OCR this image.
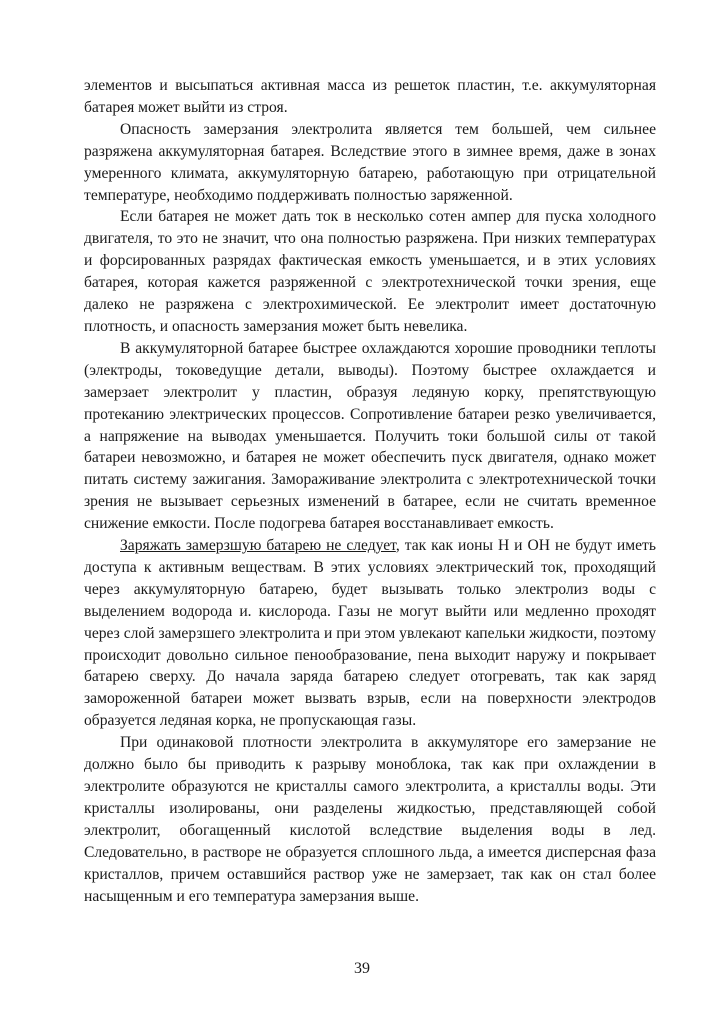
элементов и высыпаться активная масса из решеток пластин, т.е. аккумуляторная батарея может выйти из строя.

Опасность замерзания электролита является тем большей, чем сильнее разряжена аккумуляторная батарея. Вследствие этого в зимнее время, даже в зонах умеренного климата, аккумуляторную батарею, работающую при отрицательной температуре, необходимо поддерживать полностью заряженной.

Если батарея не может дать ток в несколько сотен ампер для пуска холодного двигателя, то это не значит, что она полностью разряжена. При низких температурах и форсированных разрядах фактическая емкость уменьшается, и в этих условиях батарея, которая кажется разряженной с электротехнической точки зрения, еще далеко не разряжена с электрохимической. Ее электролит имеет достаточную плотность, и опасность замерзания может быть невелика.

В аккумуляторной батарее быстрее охлаждаются хорошие проводники теплоты (электроды, токоведущие детали, выводы). Поэтому быстрее охлаждается и замерзает электролит у пластин, образуя ледяную корку, препятствующую протеканию электрических процессов. Сопротивление батареи резко увеличивается, а напряжение на выводах уменьшается. Получить токи большой силы от такой батареи невозможно, и батарея не может обеспечить пуск двигателя, однако может питать систему зажигания. Замораживание электролита с электротехнической точки зрения не вызывает серьезных изменений в батарее, если не считать временное снижение емкости. После подогрева батарея восстанавливает емкость.

Заряжать замерзшую батарею не следует, так как ионы Н и ОН не будут иметь доступа к активным веществам. В этих условиях электрический ток, проходящий через аккумуляторную батарею, будет вызывать только электролиз воды с выделением водорода и. кислорода. Газы не могут выйти или медленно проходят через слой замерзшего электролита и при этом увлекают капельки жидкости, поэтому происходит довольно сильное пенообразование, пена выходит наружу и покрывает батарею сверху. До начала заряда батарею следует отогревать, так как заряд замороженной батареи может вызвать взрыв, если на поверхности электродов образуется ледяная корка, не пропускающая газы.

При одинаковой плотности электролита в аккумуляторе его замерзание не должно было бы приводить к разрыву моноблока, так как при охлаждении в электролите образуются не кристаллы самого электролита, а кристаллы воды. Эти кристаллы изолированы, они разделены жидкостью, представляющей собой электролит, обогащенный кислотой вследствие выделения воды в лед. Следовательно, в растворе не образуется сплошного льда, а имеется дисперсная фаза кристаллов, причем оставшийся раствор уже не замерзает, так как он стал более насыщенным и его температура замерзания выше.

39
